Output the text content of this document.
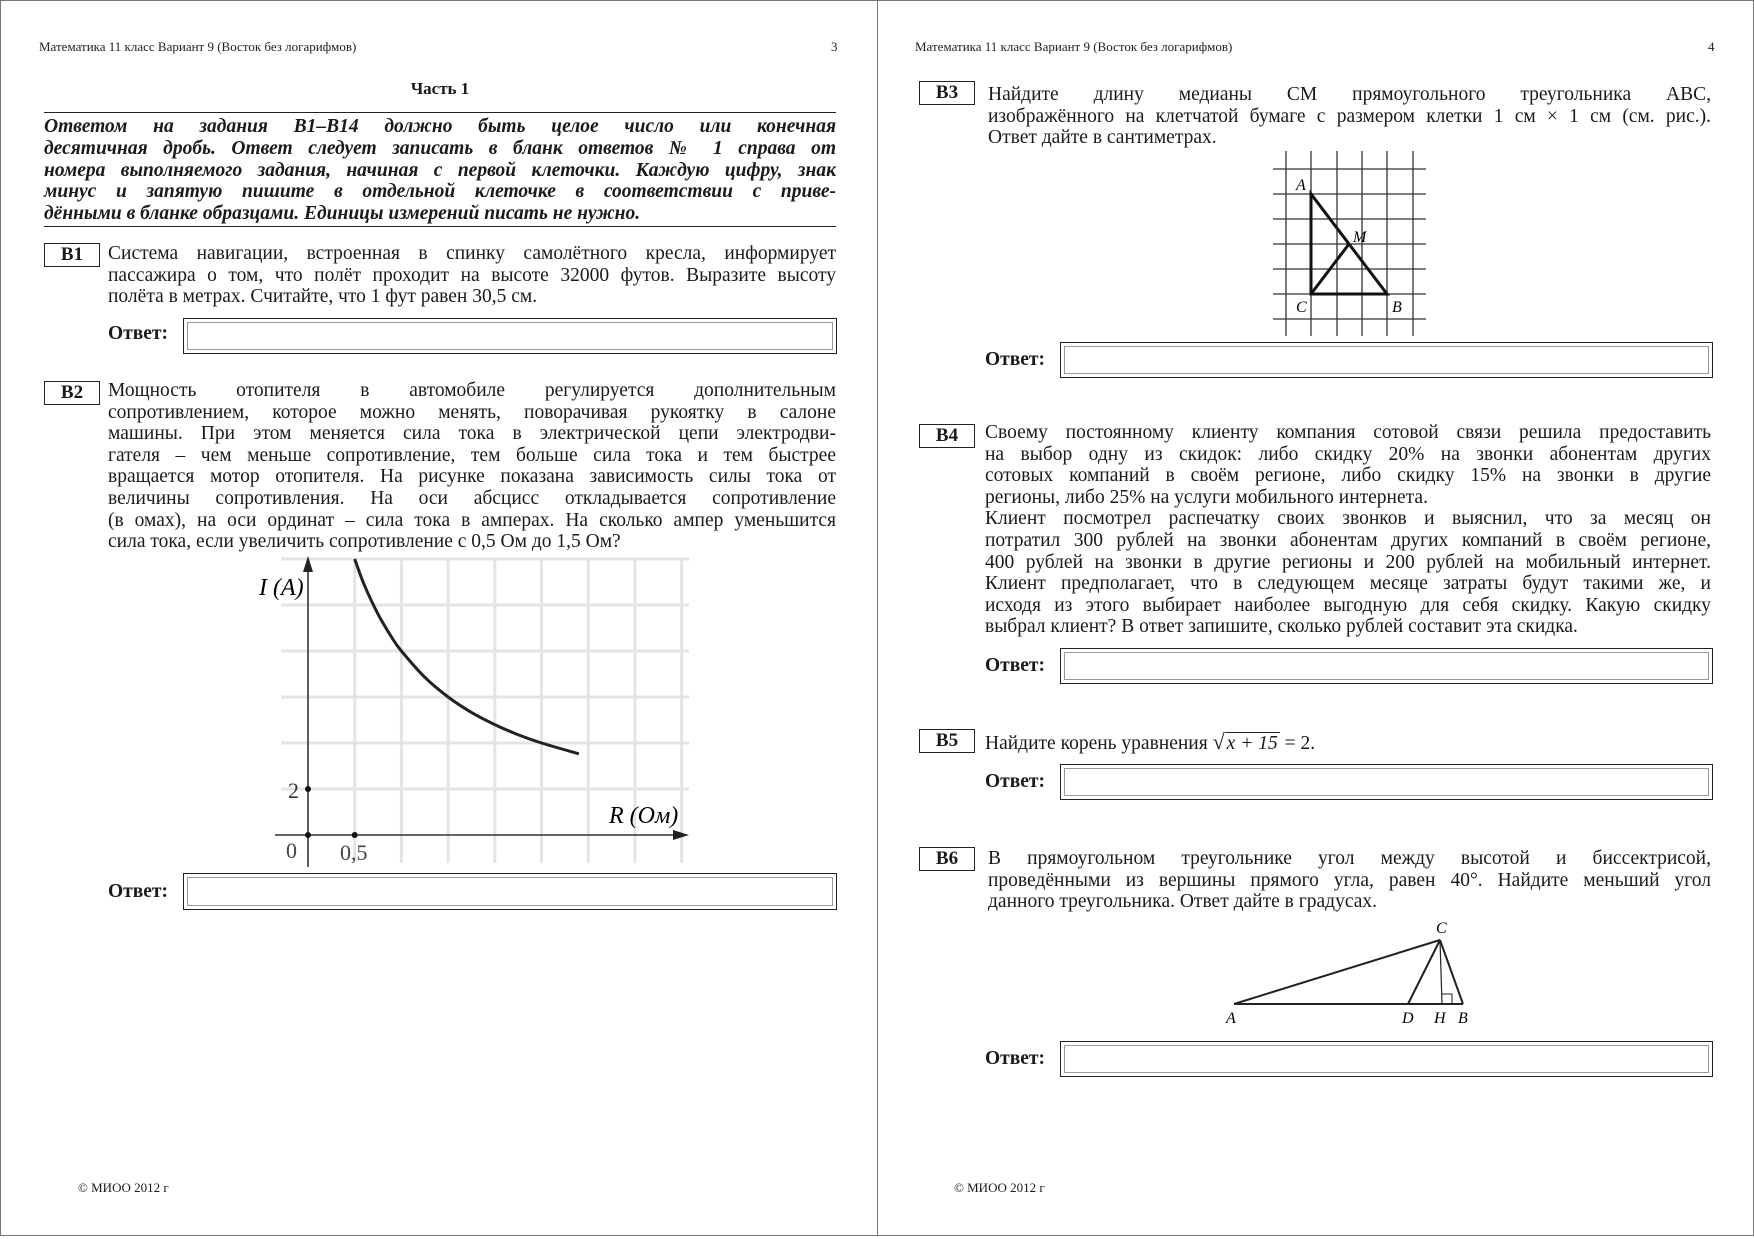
Математика 11 класс Вариант 9 (Восток без логарифмов)	3
Часть 1
Ответом на задания B1–B14 должно быть целое число или конечная
десятичная дробь. Ответ следует записать в бланк ответов № 1 справа от
номера выполняемого задания, начиная с первой клеточки. Каждую цифру, знак
минус и запятую пишите в отдельной клеточке в соответствии с приве-
дёнными в бланке образцами. Единицы измерений писать не нужно.
B1	Система навигации, встроенная в спинку самолётного кресла, информирует
пассажира о том, что полёт проходит на высоте 32000 футов. Выразите высоту
полёта в метрах. Считайте, что 1 фут равен 30,5 см.
Ответ:
B2	Мощность отопителя в автомобиле регулируется дополнительным
сопротивлением, которое можно менять, поворачивая рукоятку в салоне
машины. При этом меняется сила тока в электрической цепи электродви-
гателя – чем меньше сопротивление, тем больше сила тока и тем быстрее
вращается мотор отопителя. На рисунке показана зависимость силы тока от
величины сопротивления. На оси абсцисс откладывается сопротивление
(в омах), на оси ординат – сила тока в амперах. На сколько ампер уменьшится
сила тока, если увеличить сопротивление с 0,5 Ом до 1,5 Ом?
I (A)
R (Ом)
0 0,5
2
Ответ:
© МИОО 2012 г
Математика 11 класс Вариант 9 (Восток без логарифмов)	4
B3	Найдите длину медианы CM прямоугольного треугольника ABC,
изображённого на клетчатой бумаге с размером клетки 1 см × 1 см (см. рис.).
Ответ дайте в сантиметрах.
A
C	B
M
Ответ:
B4	Своему постоянному клиенту компания сотовой связи решила предоставить
на выбор одну из скидок: либо скидку 20% на звонки абонентам других
сотовых компаний в своём регионе, либо скидку 15% на звонки в другие
регионы, либо 25% на услуги мобильного интернета.
Клиент посмотрел распечатку своих звонков и выяснил, что за месяц он
потратил 300 рублей на звонки абонентам других компаний в своём регионе,
400 рублей на звонки в другие регионы и 200 рублей на мобильный интернет.
Клиент предполагает, что в следующем месяце затраты будут такими же, и
исходя из этого выбирает наиболее выгодную для себя скидку. Какую скидку
выбрал клиент? В ответ запишите, сколько рублей составит эта скидка.
Ответ:
B5	Найдите корень уравнения √ x + 15 = 2.
Ответ:
B6	В прямоугольном треугольнике угол между высотой и биссектрисой,
проведёнными из вершины прямого угла, равен 40°. Найдите меньший угол
данного треугольника. Ответ дайте в градусах.
C
A	D H B
Ответ:
© МИОО 2012 г
